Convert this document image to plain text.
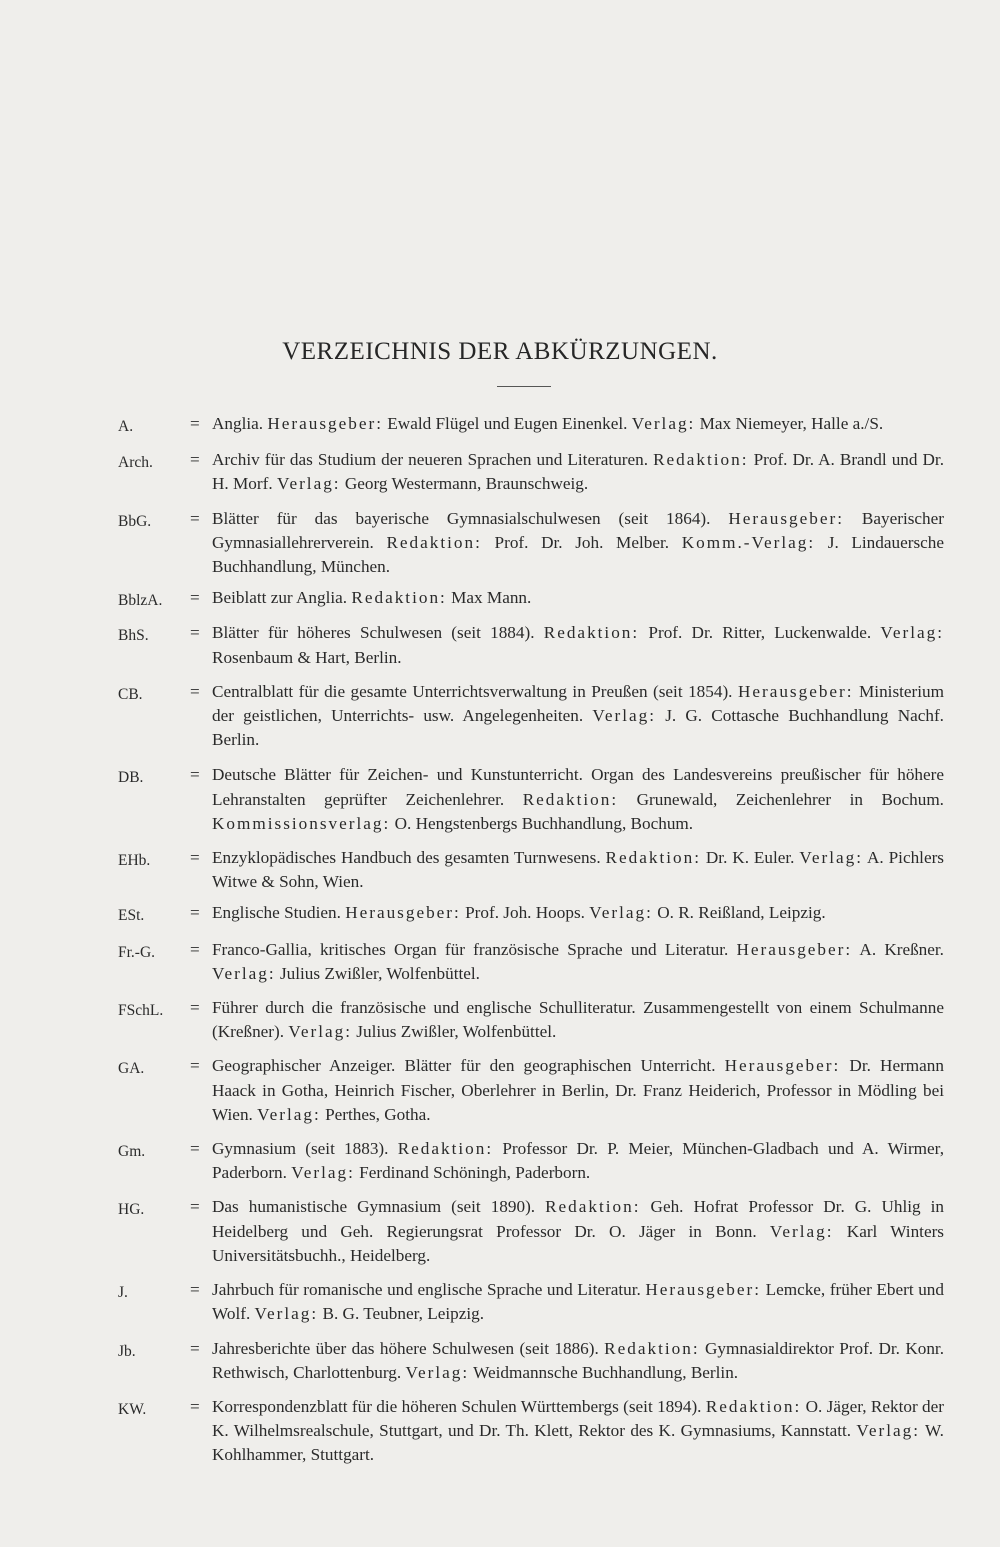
VERZEICHNIS DER ABKÜRZUNGEN.
A.	= Anglia. Herausgeber: Ewald Flügel und Eugen Einenkel. Verlag: Max Niemeyer, Halle a./S.
Arch.	= Archiv für das Studium der neueren Sprachen und Literaturen. Redaktion: Prof. Dr. A. Brandl und Dr. H. Morf. Verlag: Georg Westermann, Braunschweig.
BbG.	= Blätter für das bayerische Gymnasialschulwesen (seit 1864). Herausgeber: Bayerischer Gymnasiallehrerverein. Redaktion: Prof. Dr. Joh. Melber. Komm.-Verlag: J. Lindauersche Buchhandlung, München.
BblzA.	= Beiblatt zur Anglia. Redaktion: Max Mann.
BhS.	= Blätter für höheres Schulwesen (seit 1884). Redaktion: Prof. Dr. Ritter, Luckenwalde. Verlag: Rosenbaum & Hart, Berlin.
CB.	= Centralblatt für die gesamte Unterrichtsverwaltung in Preußen (seit 1854). Herausgeber: Ministerium der geistlichen, Unterrichts- usw. Angelegenheiten. Verlag: J. G. Cottasche Buchhandlung Nachf. Berlin.
DB.	= Deutsche Blätter für Zeichen- und Kunstunterricht. Organ des Landesvereins preußischer für höhere Lehranstalten geprüfter Zeichenlehrer. Redaktion: Grunewald, Zeichenlehrer in Bochum. Kommissionsverlag: O. Hengstenbergs Buchhandlung, Bochum.
EHb.	= Enzyklopädisches Handbuch des gesamten Turnwesens. Redaktion: Dr. K. Euler. Verlag: A. Pichlers Witwe & Sohn, Wien.
ESt.	= Englische Studien. Herausgeber: Prof. Joh. Hoops. Verlag: O. R. Reißland, Leipzig.
Fr.-G.	= Franco-Gallia, kritisches Organ für französische Sprache und Literatur. Herausgeber: A. Kreßner. Verlag: Julius Zwißler, Wolfenbüttel.
FSchL.	= Führer durch die französische und englische Schulliteratur. Zusammengestellt von einem Schulmanne (Kreßner). Verlag: Julius Zwißler, Wolfenbüttel.
GA.	= Geographischer Anzeiger. Blätter für den geographischen Unterricht. Herausgeber: Dr. Hermann Haack in Gotha, Heinrich Fischer, Oberlehrer in Berlin, Dr. Franz Heiderich, Professor in Mödling bei Wien. Verlag: Perthes, Gotha.
Gm.	= Gymnasium (seit 1883). Redaktion: Professor Dr. P. Meier, München-Gladbach und A. Wirmer, Paderborn. Verlag: Ferdinand Schöningh, Paderborn.
HG.	= Das humanistische Gymnasium (seit 1890). Redaktion: Geh. Hofrat Professor Dr. G. Uhlig in Heidelberg und Geh. Regierungsrat Professor Dr. O. Jäger in Bonn. Verlag: Karl Winters Universitätsbuchh., Heidelberg.
J.	= Jahrbuch für romanische und englische Sprache und Literatur. Herausgeber: Lemcke, früher Ebert und Wolf. Verlag: B. G. Teubner, Leipzig.
Jb.	= Jahresberichte über das höhere Schulwesen (seit 1886). Redaktion: Gymnasialdirektor Prof. Dr. Konr. Rethwisch, Charlottenburg. Verlag: Weidmannsche Buchhandlung, Berlin.
KW.	= Korrespondenzblatt für die höheren Schulen Württembergs (seit 1894). Redaktion: O. Jäger, Rektor der K. Wilhelmsrealschule, Stuttgart, und Dr. Th. Klett, Rektor des K. Gymnasiums, Kannstatt. Verlag: W. Kohlhammer, Stuttgart.
